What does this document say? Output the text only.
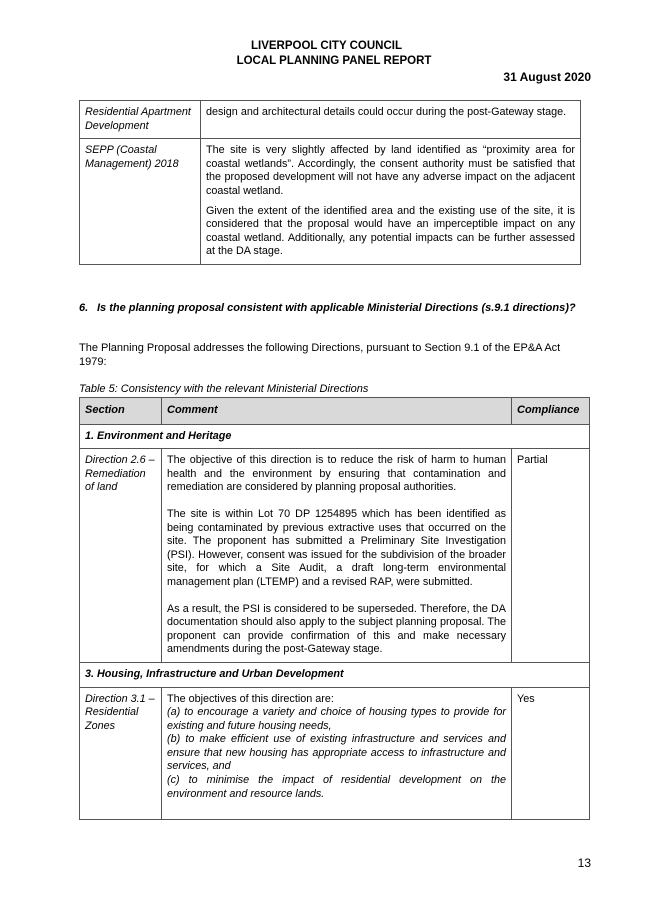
LIVERPOOL CITY COUNCIL
LOCAL PLANNING PANEL REPORT
31 August 2020
Residential Apartment Development	design and architectural details could occur during the post-Gateway stage.

SEPP (Coastal Management) 2018	The site is very slightly affected by land identified as “proximity area for coastal wetlands”. Accordingly, the consent authority must be satisfied that the proposed development will not have any adverse impact on the adjacent coastal wetland.

Given the extent of the identified area and the existing use of the site, it is considered that the proposal would have an imperceptible impact on any coastal wetland. Additionally, any potential impacts can be further assessed at the DA stage.

6. Is the planning proposal consistent with applicable Ministerial Directions (s.9.1 directions)?
The Planning Proposal addresses the following Directions, pursuant to Section 9.1 of the EP&A Act 1979:
Table 5: Consistency with the relevant Ministerial Directions
Section	Comment	Compliance
1. Environment and Heritage		
Direction 2.6 – Remediation of land	The objective of this direction is to reduce the risk of harm to human health and the environment by ensuring that contamination and remediation are considered by planning proposal authorities.

The site is within Lot 70 DP 1254895 which has been identified as being contaminated by previous extractive uses that occurred on the site. The proponent has submitted a Preliminary Site Investigation (PSI). However, consent was issued for the subdivision of the broader site, for which a Site Audit, a draft long-term environmental management plan (LTEMP) and a revised RAP, were submitted.

As a result, the PSI is considered to be superseded. Therefore, the DA documentation should also apply to the subject planning proposal. The proponent can provide confirmation of this and make necessary amendments during the post-Gateway stage.	Partial
3. Housing, Infrastructure and Urban Development		
Direction 3.1 – Residential Zones	The objectives of this direction are:
(a) to encourage a variety and choice of housing types to provide for existing and future housing needs,
(b) to make efficient use of existing infrastructure and services and ensure that new housing has appropriate access to infrastructure and services, and
(c) to minimise the impact of residential development on the environment and resource lands.	Yes
13
